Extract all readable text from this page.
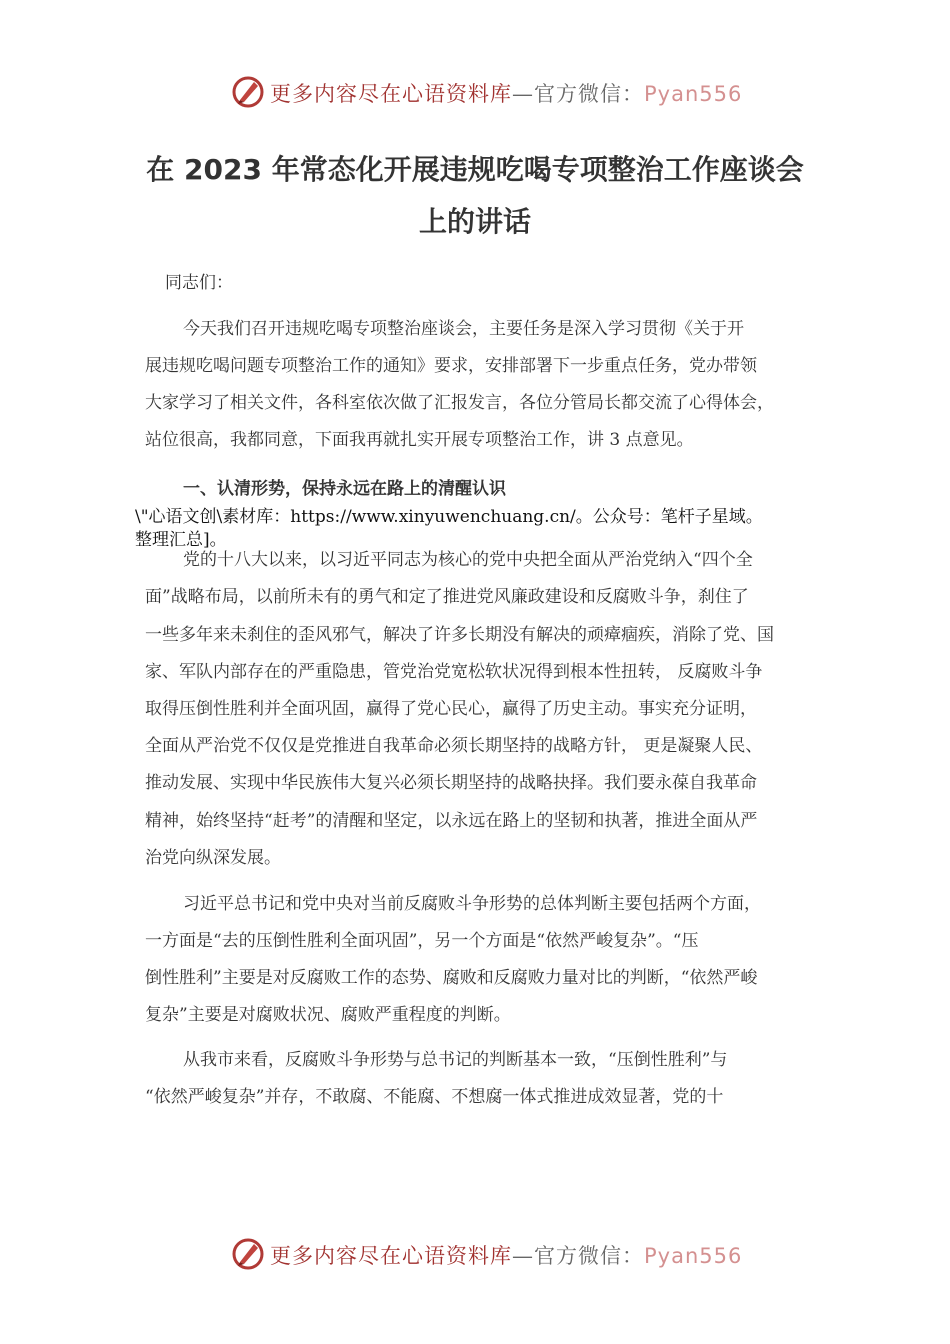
更多内容尽在心语资料库—官方微信：Pyan556
在 2023 年常态化开展违规吃喝专项整治工作座谈会
上的讲话
同志们：
今天我们召开违规吃喝专项整治座谈会，主要任务是深入学习贯彻《关于开
展违规吃喝问题专项整治工作的通知》要求，安排部署下一步重点任务，党办带领
大家学习了相关文件，各科室依次做了汇报发言，各位分管局长都交流了心得体会，
站位很高，我都同意，下面我再就扎实开展专项整治工作，讲 3 点意见。
一、认清形势，保持永远在路上的清醒认识
\"心语文创\素材库：https://www.xinyuwenchuang.cn/。公众号：笔杆子星域。
整理汇总]。
党的十八大以来，以习近平同志为核心的党中央把全面从严治党纳入“四个全
面”战略布局，以前所未有的勇气和定了推进党风廉政建设和反腐败斗争，刹住了
一些多年来未刹住的歪风邪气，解决了许多长期没有解决的顽瘴痼疾，消除了党、国
家、军队内部存在的严重隐患，管党治党宽松软状况得到根本性扭转， 反腐败斗争
取得压倒性胜利并全面巩固，赢得了党心民心，赢得了历史主动。事实充分证明，
全面从严治党不仅仅是党推进自我革命必须长期坚持的战略方针， 更是凝聚人民、
推动发展、实现中华民族伟大复兴必须长期坚持的战略抉择。我们要永葆自我革命
精神，始终坚持“赶考”的清醒和坚定，以永远在路上的坚韧和执著，推进全面从严
治党向纵深发展。
习近平总书记和党中央对当前反腐败斗争形势的总体判断主要包括两个方面，
一方面是“去的压倒性胜利全面巩固”，另一个方面是“依然严峻复杂”。“压
倒性胜利”主要是对反腐败工作的态势、腐败和反腐败力量对比的判断，“依然严峻
复杂”主要是对腐败状况、腐败严重程度的判断。
从我市来看，反腐败斗争形势与总书记的判断基本一致，“压倒性胜利”与
“依然严峻复杂”并存，不敢腐、不能腐、不想腐一体式推进成效显著，党的十
更多内容尽在心语资料库—官方微信：Pyan556
